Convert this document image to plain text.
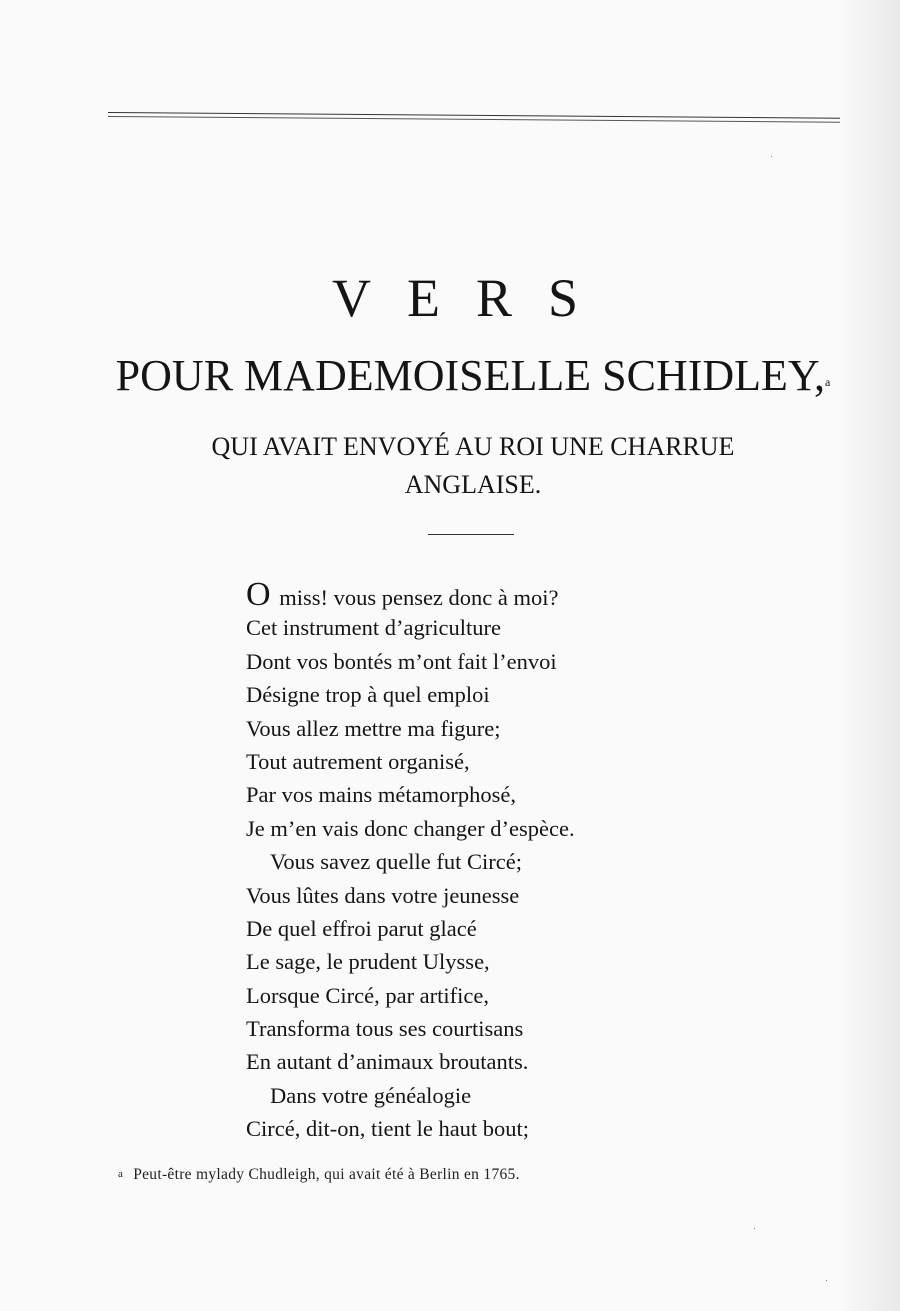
VERS
POUR MADEMOISELLE SCHIDLEY,$^a$
QUI AVAIT ENVOYÉ AU ROI UNE CHARRUE
ANGLAISE.
O miss! vous pensez donc à moi?
Cet instrument d’agriculture
Dont vos bontés m’ont fait l’envoi
Désigne trop à quel emploi
Vous allez mettre ma figure;
Tout autrement organisé,
Par vos mains métamorphosé,
Je m’en vais donc changer d’espèce.
Vous savez quelle fut Circé;
Vous lûtes dans votre jeunesse
De quel effroi parut glacé
Le sage, le prudent Ulysse,
Lorsque Circé, par artifice,
Transforma tous ses courtisans
En autant d’animaux broutants.
Dans votre généalogie
Circé, dit-on, tient le haut bout;
a Peut-être mylady Chudleigh, qui avait été à Berlin en 1765.
